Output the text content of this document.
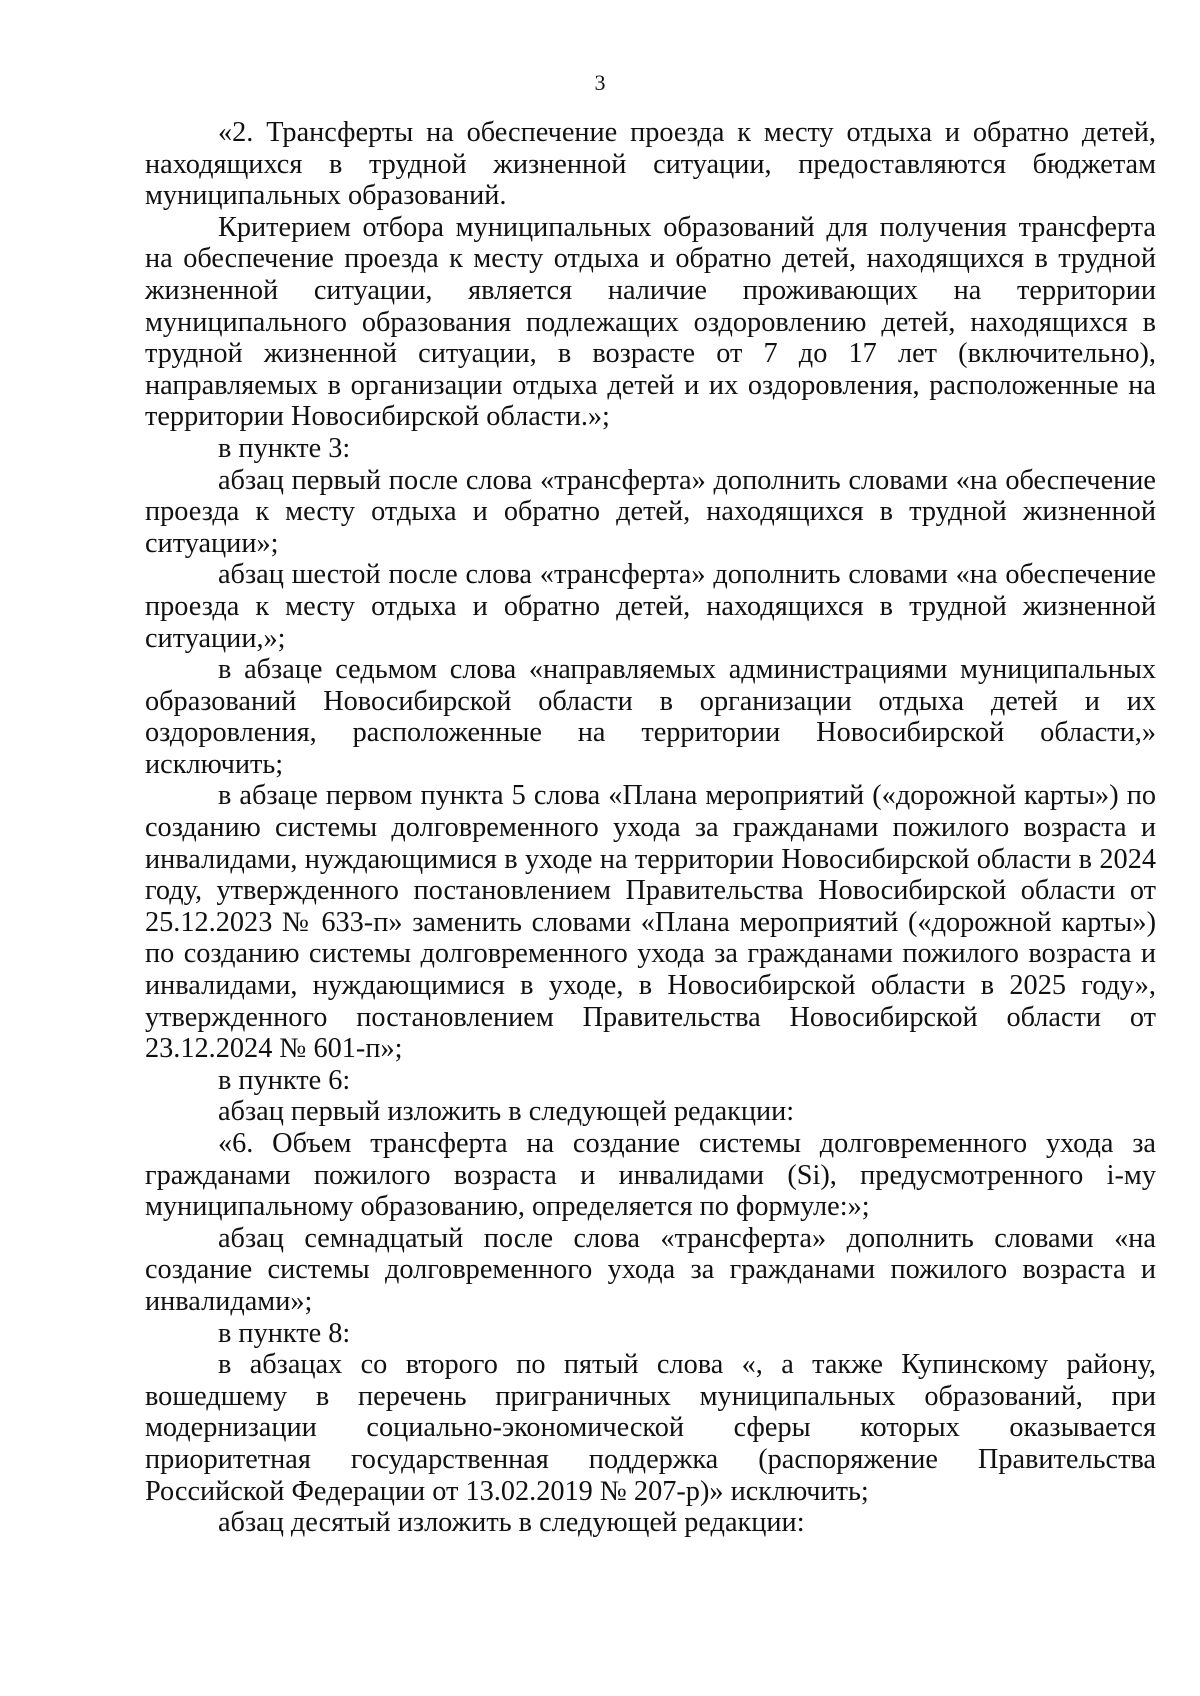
3

«2. Трансферты на обеспечение проезда к месту отдыха и обратно детей, находящихся в трудной жизненной ситуации, предоставляются бюджетам муниципальных образований.

Критерием отбора муниципальных образований для получения трансферта на обеспечение проезда к месту отдыха и обратно детей, находящихся в трудной жизненной ситуации, является наличие проживающих на территории муниципального образования подлежащих оздоровлению детей, находящихся в трудной жизненной ситуации, в возрасте от 7 до 17 лет (включительно), направляемых в организации отдыха детей и их оздоровления, расположенные на территории Новосибирской области.»;

в пункте 3:

абзац первый после слова «трансферта» дополнить словами «на обеспечение проезда к месту отдыха и обратно детей, находящихся в трудной жизненной ситуации»;

абзац шестой после слова «трансферта» дополнить словами «на обеспечение проезда к месту отдыха и обратно детей, находящихся в трудной жизненной ситуации,»;

в абзаце седьмом слова «направляемых администрациями муниципальных образований Новосибирской области в организации отдыха детей и их оздоровления, расположенные на территории Новосибирской области,» исключить;

в абзаце первом пункта 5 слова «Плана мероприятий («дорожной карты») по созданию системы долговременного ухода за гражданами пожилого возраста и инвалидами, нуждающимися в уходе на территории Новосибирской области в 2024 году, утвержденного постановлением Правительства Новосибирской области от 25.12.2023 № 633-п» заменить словами «Плана мероприятий («дорожной карты») по созданию системы долговременного ухода за гражданами пожилого возраста и инвалидами, нуждающимися в уходе, в Новосибирской области в 2025 году», утвержденного постановлением Правительства Новосибирской области от 23.12.2024 № 601-п»;

в пункте 6:

абзац первый изложить в следующей редакции:

«6. Объем трансферта на создание системы долговременного ухода за гражданами пожилого возраста и инвалидами (Si), предусмотренного i-му муниципальному образованию, определяется по формуле:»;

абзац семнадцатый после слова «трансферта» дополнить словами «на создание системы долговременного ухода за гражданами пожилого возраста и инвалидами»;

в пункте 8:

в абзацах со второго по пятый слова «, а также Купинскому району, вошедшему в перечень приграничных муниципальных образований, при модернизации социально-экономической сферы которых оказывается приоритетная государственная поддержка (распоряжение Правительства Российской Федерации от 13.02.2019 № 207-р)» исключить;

абзац десятый изложить в следующей редакции:
